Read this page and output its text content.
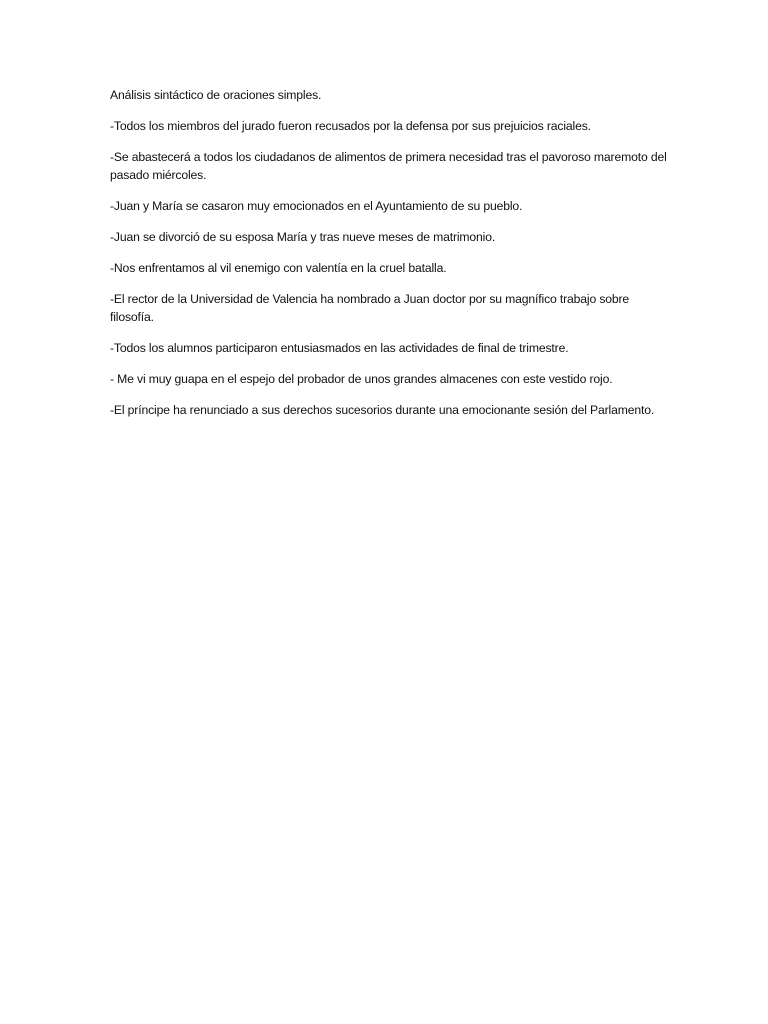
Análisis sintáctico de oraciones simples.
-Todos los miembros del jurado fueron recusados por la defensa por sus prejuicios raciales.
-Se abastecerá a todos los ciudadanos de alimentos de primera necesidad tras el pavoroso maremoto del pasado miércoles.
-Juan y María se casaron muy emocionados en el Ayuntamiento de su pueblo.
-Juan se divorció de su esposa María y tras nueve meses de matrimonio.
-Nos enfrentamos al vil enemigo con valentía en la cruel batalla.
-El rector de la Universidad de Valencia ha nombrado a Juan doctor por su magnífico trabajo sobre filosofía.
-Todos los alumnos participaron entusiasmados en las actividades de final de trimestre.
- Me vi muy guapa en el espejo del probador de unos grandes almacenes con este vestido rojo.
-El príncipe ha renunciado a sus derechos sucesorios durante una emocionante sesión del Parlamento.
